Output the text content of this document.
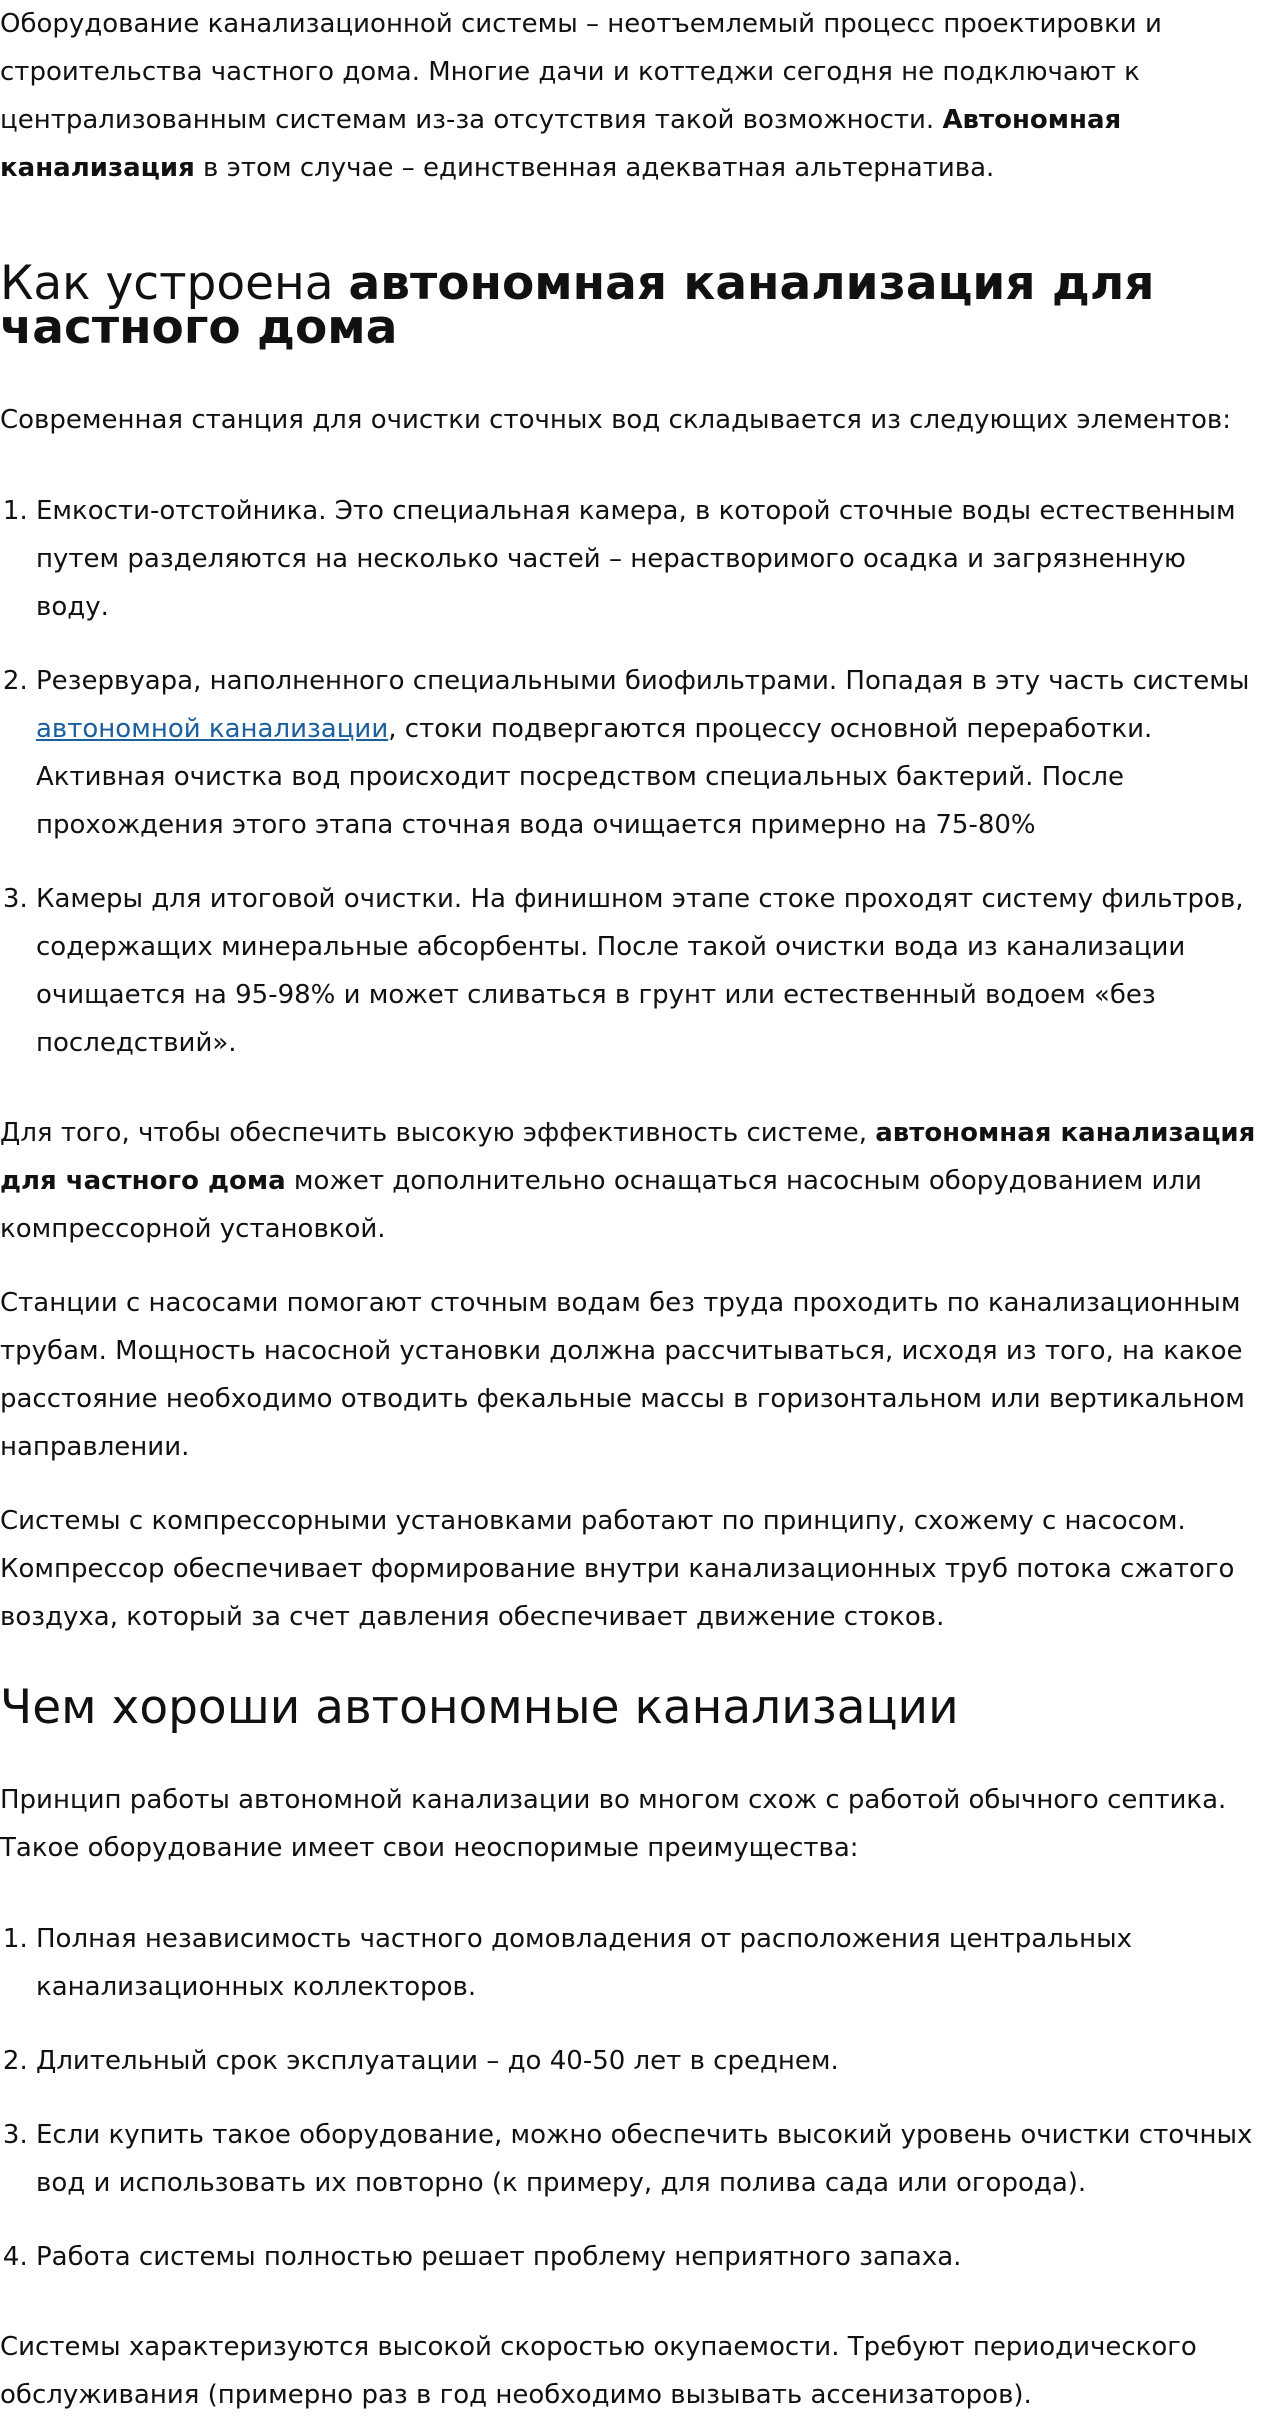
Оборудование канализационной системы – неотъемлемый процесс проектировки и строительства частного дома. Многие дачи и коттеджи сегодня не подключают к централизованным системам из-за отсутствия такой возможности. Автономная канализация в этом случае – единственная адекватная альтернатива.

Как устроена автономная канализация для частного дома

Современная станция для очистки сточных вод складывается из следующих элементов:

1. Емкости-отстойника. Это специальная камера, в которой сточные воды естественным путем разделяются на несколько частей – нерастворимого осадка и загрязненную воду.
2. Резервуара, наполненного специальными биофильтрами. Попадая в эту часть системы автономной канализации, стоки подвергаются процессу основной переработки. Активная очистка вод происходит посредством специальных бактерий. После прохождения этого этапа сточная вода очищается примерно на 75-80%
3. Камеры для итоговой очистки. На финишном этапе стоке проходят систему фильтров, содержащих минеральные абсорбенты. После такой очистки вода из канализации очищается на 95-98% и может сливаться в грунт или естественный водоем «без последствий».

Для того, чтобы обеспечить высокую эффективность системе, автономная канализация для частного дома может дополнительно оснащаться насосным оборудованием или компрессорной установкой.

Станции с насосами помогают сточным водам без труда проходить по канализационным трубам. Мощность насосной установки должна рассчитываться, исходя из того, на какое расстояние необходимо отводить фекальные массы в горизонтальном или вертикальном направлении.

Системы с компрессорными установками работают по принципу, схожему с насосом. Компрессор обеспечивает формирование внутри канализационных труб потока сжатого воздуха, который за счет давления обеспечивает движение стоков.

Чем хороши автономные канализации

Принцип работы автономной канализации во многом схож с работой обычного септика. Такое оборудование имеет свои неоспоримые преимущества:

1. Полная независимость частного домовладения от расположения центральных канализационных коллекторов.
2. Длительный срок эксплуатации – до 40-50 лет в среднем.
3. Если купить такое оборудование, можно обеспечить высокий уровень очистки сточных вод и использовать их повторно (к примеру, для полива сада или огорода).
4. Работа системы полностью решает проблему неприятного запаха.

Системы характеризуются высокой скоростью окупаемости. Требуют периодического обслуживания (примерно раз в год необходимо вызывать ассенизаторов).
